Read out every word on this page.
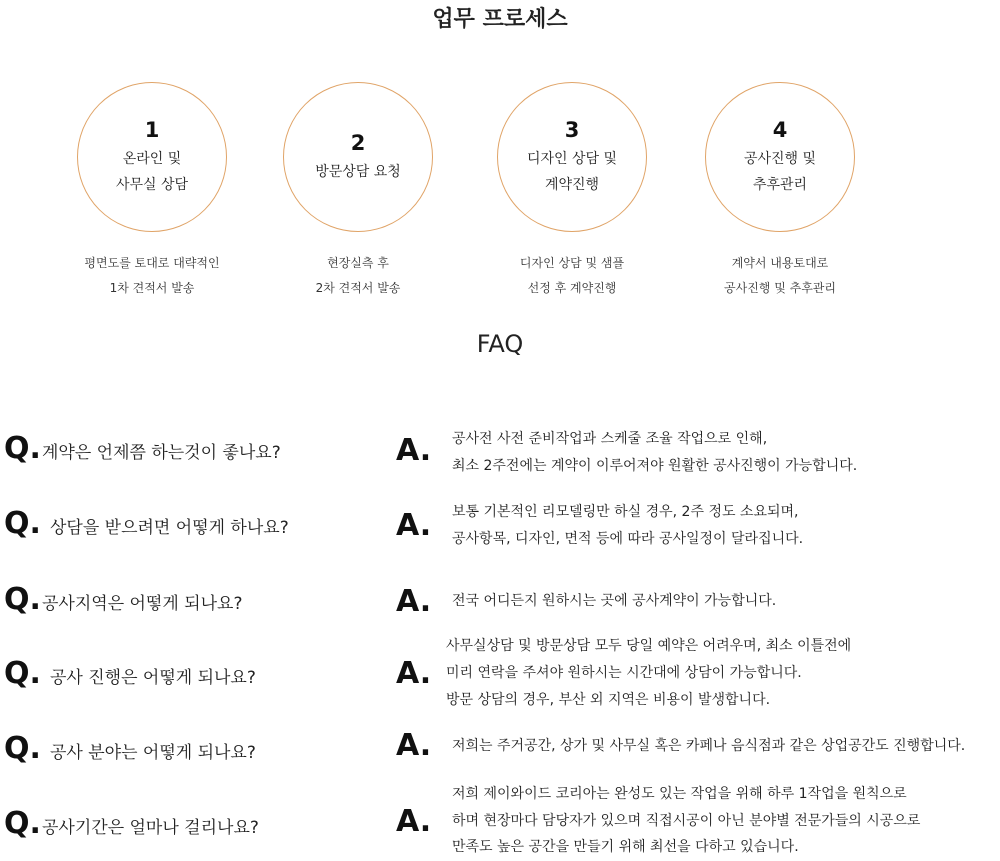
업무 프로세스
1
온라인 및
사무실 상담
2
방문상담 요청
3
디자인 상담 및
계약진행
4
공사진행 및
추후관리
평면도를 토대로 대략적인
1차 견적서 발송
현장실측 후
2차 견적서 발송
디자인 상담 및 샘플
선정 후 계약진행
계약서 내용토대로
공사진행 및 추후관리
FAQ
Q. 계약은 언제쯤 하는것이 좋나요?	A. 공사전 사전 준비작업과 스케줄 조율 작업으로 인해,
최소 2주전에는 계약이 이루어져야 원활한 공사진행이 가능합니다.
Q. 상담을 받으려면 어떻게 하나요?	A. 보통 기본적인 리모델링만 하실 경우, 2주 정도 소요되며,
공사항목, 디자인, 면적 등에 따라 공사일정이 달라집니다.
Q. 공사지역은 어떻게 되나요?	A. 전국 어디든지 원하시는 곳에 공사계약이 가능합니다.
Q. 공사 진행은 어떻게 되나요?	A.
사무실상담 및 방문상담 모두 당일 예약은 어려우며, 최소 이틀전에
미리 연락을 주셔야 원하시는 시간대에 상담이 가능합니다.
방문 상담의 경우, 부산 외 지역은 비용이 발생합니다.
Q. 공사 분야는 어떻게 되나요?	A. 저희는 주거공간, 상가 및 사무실 혹은 카페나 음식점과 같은 상업공간도 진행합니다.
Q. 공사기간은 얼마나 걸리나요?	A.
저희 제이와이드 코리아는 완성도 있는 작업을 위해 하루 1작업을 원칙으로
하며 현장마다 담당자가 있으며 직접시공이 아닌 분야별 전문가들의 시공으로
만족도 높은 공간을 만들기 위해 최선을 다하고 있습니다.
